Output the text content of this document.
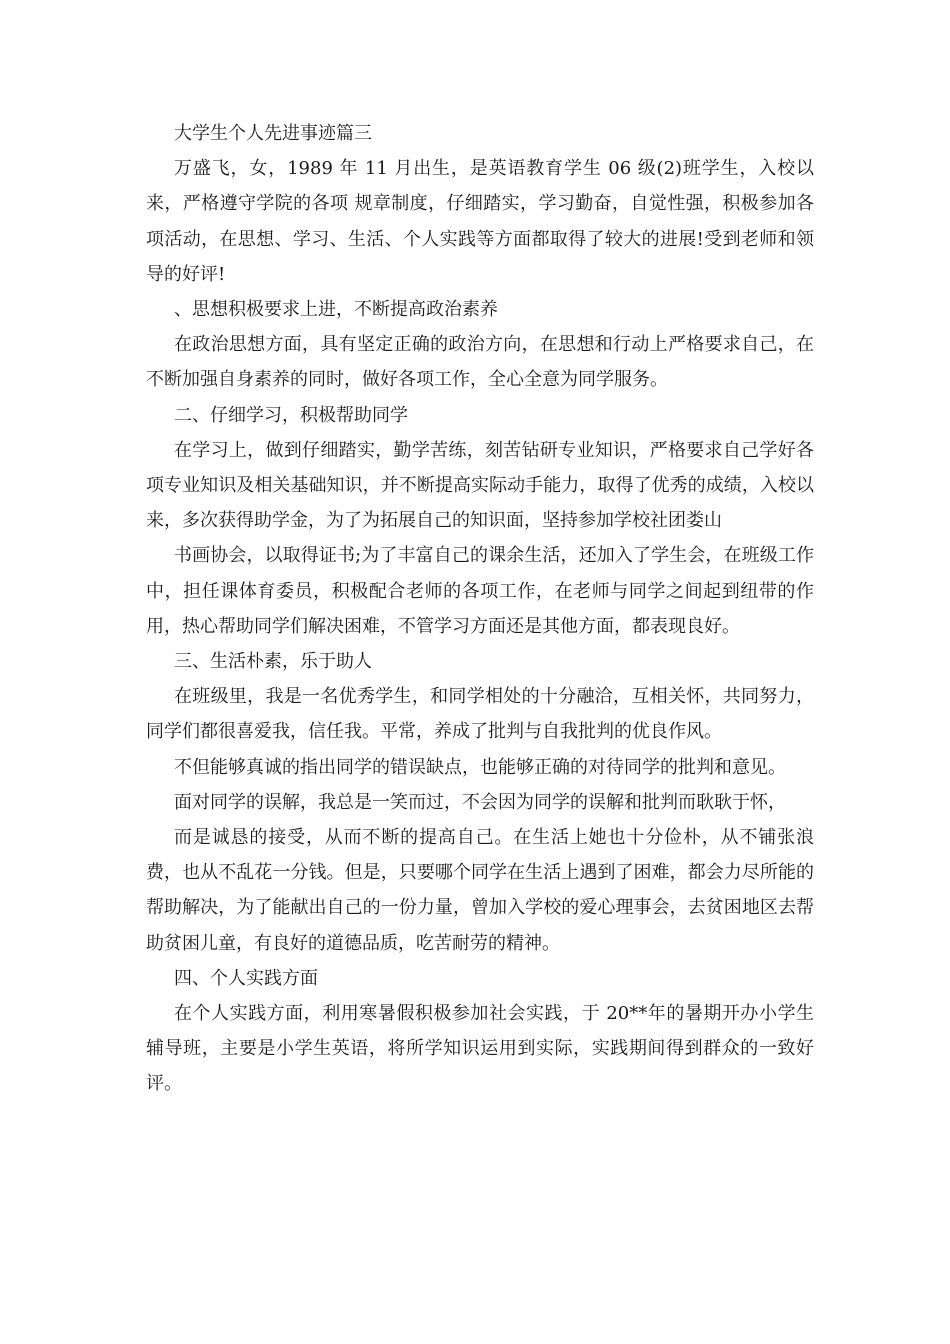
大学生个人先进事迹篇三

万盛飞，女，1989 年 11 月出生，是英语教育学生 06 级(2)班学生，入校以来，严格遵守学院的各项 规章制度，仔细踏实，学习勤奋，自觉性强，积极参加各项活动，在思想、学习、生活、个人实践等方面都取得了较大的进展!受到老师和领导的好评!

、思想积极要求上进，不断提高政治素养

在政治思想方面，具有坚定正确的政治方向，在思想和行动上严格要求自己，在不断加强自身素养的同时，做好各项工作，全心全意为同学服务。

二、仔细学习，积极帮助同学

在学习上，做到仔细踏实，勤学苦练，刻苦钻研专业知识，严格要求自己学好各项专业知识及相关基础知识，并不断提高实际动手能力，取得了优秀的成绩，入校以来，多次获得助学金，为了为拓展自己的知识面，坚持参加学校社团娄山

书画协会，以取得证书;为了丰富自己的课余生活，还加入了学生会，在班级工作中，担任课体育委员，积极配合老师的各项工作，在老师与同学之间起到纽带的作用，热心帮助同学们解决困难，不管学习方面还是其他方面，都表现良好。

三、生活朴素，乐于助人

在班级里，我是一名优秀学生，和同学相处的十分融洽，互相关怀，共同努力，同学们都很喜爱我，信任我。平常，养成了批判与自我批判的优良作风。

不但能够真诚的指出同学的错误缺点，也能够正确的对待同学的批判和意见。

面对同学的误解，我总是一笑而过，不会因为同学的误解和批判而耿耿于怀，

而是诚恳的接受，从而不断的提高自己。在生活上她也十分俭朴，从不铺张浪费，也从不乱花一分钱。但是，只要哪个同学在生活上遇到了困难，都会力尽所能的帮助解决，为了能献出自己的一份力量，曾加入学校的爱心理事会，去贫困地区去帮助贫困儿童，有良好的道德品质，吃苦耐劳的精神。

四、个人实践方面

在个人实践方面，利用寒暑假积极参加社会实践，于 20**年的暑期开办小学生辅导班，主要是小学生英语，将所学知识运用到实际，实践期间得到群众的一致好评。
